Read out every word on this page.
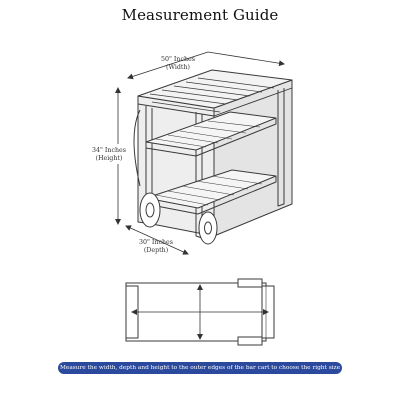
Measurement Guide
50" Inches
(Width)
34" Inches
(Height)
30" Inches
(Depth)
Measure the width, depth and height to the outer edges of the bar cart to choose the right size
